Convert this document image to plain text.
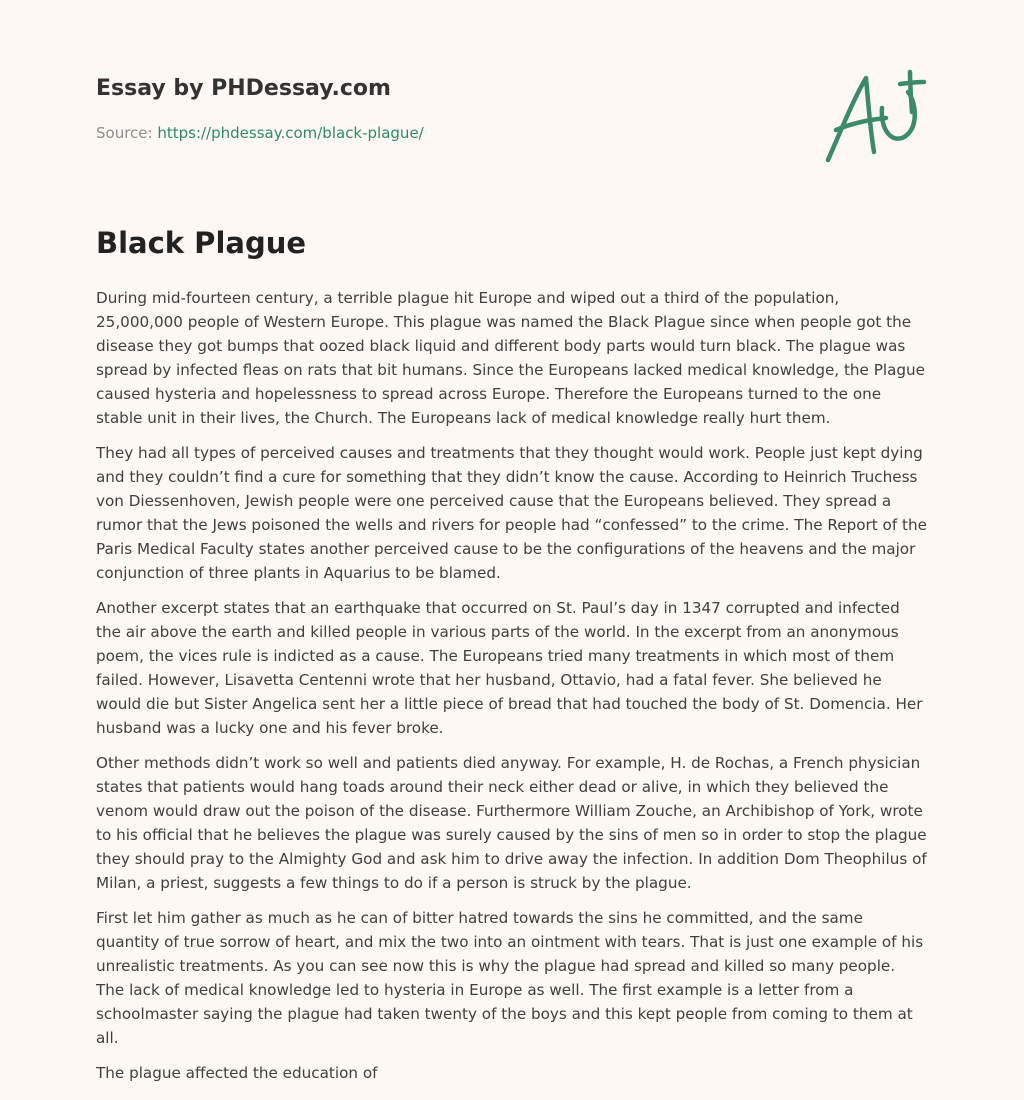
Essay by PHDessay.com
Source: https://phdessay.com/black-plague/
Black Plague

During mid-fourteen century, a terrible plague hit Europe and wiped out a third of the population, 25,000,000 people of Western Europe. This plague was named the Black Plague since when people got the disease they got bumps that oozed black liquid and different body parts would turn black. The plague was spread by infected fleas on rats that bit humans. Since the Europeans lacked medical knowledge, the Plague caused hysteria and hopelessness to spread across Europe. Therefore the Europeans turned to the one stable unit in their lives, the Church. The Europeans lack of medical knowledge really hurt them.

They had all types of perceived causes and treatments that they thought would work. People just kept dying and they couldn’t find a cure for something that they didn’t know the cause. According to Heinrich Truchess von Diessenhoven, Jewish people were one perceived cause that the Europeans believed. They spread a rumor that the Jews poisoned the wells and rivers for people had “confessed” to the crime. The Report of the Paris Medical Faculty states another perceived cause to be the configurations of the heavens and the major conjunction of three plants in Aquarius to be blamed.

Another excerpt states that an earthquake that occurred on St. Paul’s day in 1347 corrupted and infected the air above the earth and killed people in various parts of the world. In the excerpt from an anonymous poem, the vices rule is indicted as a cause. The Europeans tried many treatments in which most of them failed. However, Lisavetta Centenni wrote that her husband, Ottavio, had a fatal fever. She believed he would die but Sister Angelica sent her a little piece of bread that had touched the body of St. Domencia. Her husband was a lucky one and his fever broke.

Other methods didn’t work so well and patients died anyway. For example, H. de Rochas, a French physician states that patients would hang toads around their neck either dead or alive, in which they believed the venom would draw out the poison of the disease. Furthermore William Zouche, an Archibishop of York, wrote to his official that he believes the plague was surely caused by the sins of men so in order to stop the plague they should pray to the Almighty God and ask him to drive away the infection. In addition Dom Theophilus of Milan, a priest, suggests a few things to do if a person is struck by the plague.

First let him gather as much as he can of bitter hatred towards the sins he committed, and the same quantity of true sorrow of heart, and mix the two into an ointment with tears. That is just one example of his unrealistic treatments. As you can see now this is why the plague had spread and killed so many people. The lack of medical knowledge led to hysteria in Europe as well. The first example is a letter from a schoolmaster saying the plague had taken twenty of the boys and this kept people from coming to them at all.

The plague affected the education of
